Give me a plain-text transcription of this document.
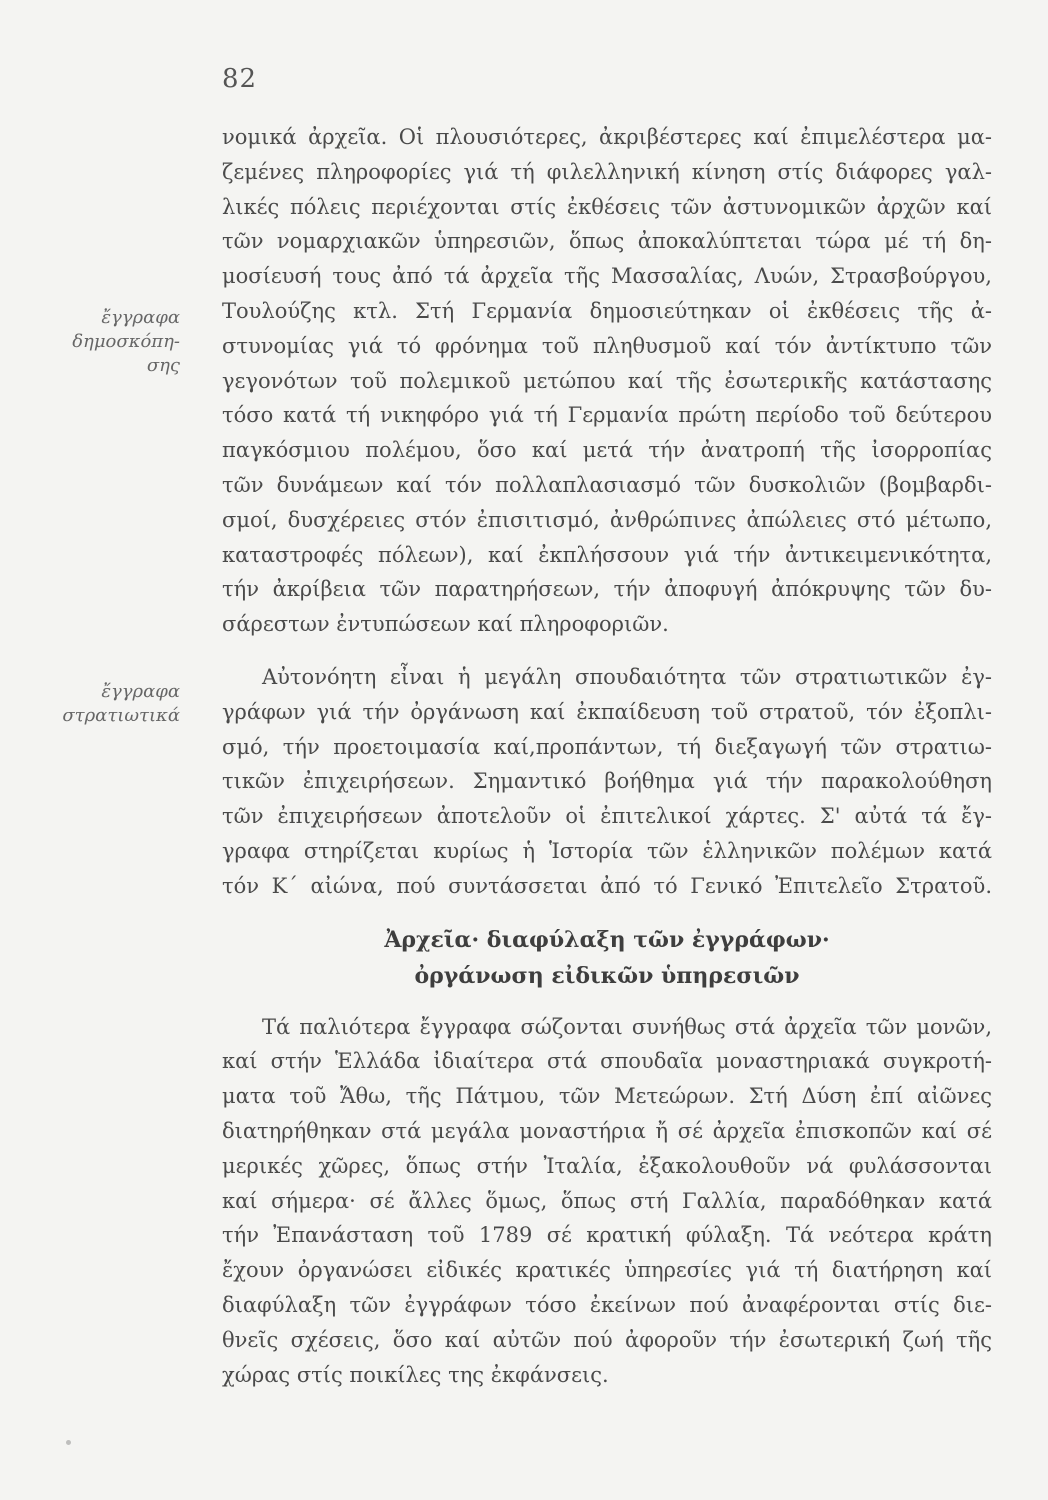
82
ἔγγραφα
δημοσκόπη-
σης
ἔγγραφα
στρατιωτικά
νομικά ἀρχεῖα. Οἱ πλουσιότερες, ἀκριβέστερες καί ἐπιμελέστερα μα-
ζεμένες πληροφορίες γιά τή φιλελληνική κίνηση στίς διάφορες γαλ-
λικές πόλεις περιέχονται στίς ἐκθέσεις τῶν ἀστυνομικῶν ἀρχῶν καί
τῶν νομαρχιακῶν ὑπηρεσιῶν, ὅπως ἀποκαλύπτεται τώρα μέ τή δη-
μοσίευσή τους ἀπό τά ἀρχεῖα τῆς Μασσαλίας, Λυών, Στρασβούργου,
Τουλούζης κτλ. Στή Γερμανία δημοσιεύτηκαν οἱ ἐκθέσεις τῆς ἀ-
στυνομίας γιά τό φρόνημα τοῦ πληθυσμοῦ καί τόν ἀντίκτυπο τῶν
γεγονότων τοῦ πολεμικοῦ μετώπου καί τῆς ἐσωτερικῆς κατάστασης
τόσο κατά τή νικηφόρο γιά τή Γερμανία πρώτη περίοδο τοῦ δεύτερου
παγκόσμιου πολέμου, ὅσο καί μετά τήν ἀνατροπή τῆς ἰσορροπίας
τῶν δυνάμεων καί τόν πολλαπλασιασμό τῶν δυσκολιῶν (βομβαρδι-
σμοί, δυσχέρειες στόν ἐπισιτισμό, ἀνθρώπινες ἀπώλειες στό μέτωπο,
καταστροφές πόλεων), καί ἐκπλήσσουν γιά τήν ἀντικειμενικότητα,
τήν ἀκρίβεια τῶν παρατηρήσεων, τήν ἀποφυγή ἀπόκρυψης τῶν δυ-
σάρεστων ἐντυπώσεων καί πληροφοριῶν.
Αὐτονόητη εἶναι ἡ μεγάλη σπουδαιότητα τῶν στρατιωτικῶν ἐγ-
γράφων γιά τήν ὀργάνωση καί ἐκπαίδευση τοῦ στρατοῦ, τόν ἐξοπλι-
σμό, τήν προετοιμασία καί,προπάντων, τή διεξαγωγή τῶν στρατιω-
τικῶν ἐπιχειρήσεων. Σημαντικό βοήθημα γιά τήν παρακολούθηση
τῶν ἐπιχειρήσεων ἀποτελοῦν οἱ ἐπιτελικοί χάρτες. Σ' αὐτά τά ἔγ-
γραφα στηρίζεται κυρίως ἡ Ἱστορία τῶν ἑλληνικῶν πολέμων κατά
τόν Κ΄ αἰώνα, πού συντάσσεται ἀπό τό Γενικό Ἐπιτελεῖο Στρατοῦ.
Ἀρχεῖα· διαφύλαξη τῶν ἐγγράφων·
ὀργάνωση εἰδικῶν ὑπηρεσιῶν
Τά παλιότερα ἔγγραφα σώζονται συνήθως στά ἀρχεῖα τῶν μονῶν,
καί στήν Ἑλλάδα ἰδιαίτερα στά σπουδαῖα μοναστηριακά συγκροτή-
ματα τοῦ Ἄθω, τῆς Πάτμου, τῶν Μετεώρων. Στή Δύση ἐπί αἰῶνες
διατηρήθηκαν στά μεγάλα μοναστήρια ἤ σέ ἀρχεῖα ἐπισκοπῶν καί σέ
μερικές χῶρες, ὅπως στήν Ἰταλία, ἐξακολουθοῦν νά φυλάσσονται
καί σήμερα· σέ ἄλλες ὅμως, ὅπως στή Γαλλία, παραδόθηκαν κατά
τήν Ἐπανάσταση τοῦ 1789 σέ κρατική φύλαξη. Τά νεότερα κράτη
ἔχουν ὀργανώσει εἰδικές κρατικές ὑπηρεσίες γιά τή διατήρηση καί
διαφύλαξη τῶν ἐγγράφων τόσο ἐκείνων πού ἀναφέρονται στίς διε-
θνεῖς σχέσεις, ὅσο καί αὐτῶν πού ἀφοροῦν τήν ἐσωτερική ζωή τῆς
χώρας στίς ποικίλες της ἐκφάνσεις.
